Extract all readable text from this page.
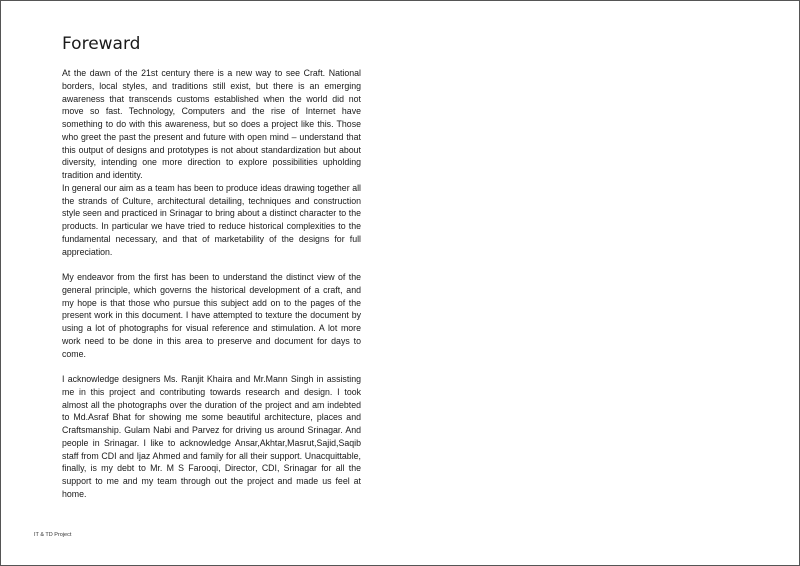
Foreward

At the dawn of the 21st century there is a new way to see Craft. National borders, local styles, and traditions still exist, but there is an emerging awareness that transcends customs established when the world did not move so fast. Technology, Computers and the rise of Internet have something to do with this awareness, but so does a project like this. Those who greet the past the present and future with open mind – understand that this output of designs and prototypes is not about standardization but about diversity, intending one more direction to explore possibilities upholding tradition and identity.

In general our aim as a team has been to produce ideas drawing together all the strands of Culture, architectural detailing, techniques and construction style seen and practiced in Srinagar to bring about a distinct character to the products. In particular we have tried to reduce historical complexities to the fundamental necessary, and that of marketability of the designs for full appreciation.

My endeavor from the first has been to understand the distinct view of the general principle, which governs the historical development of a craft, and my hope is that those who pursue this subject add on to the pages of the present work in this document. I have attempted to texture the document by using a lot of photographs for visual reference and stimulation. A lot more work need to be done in this area to preserve and document for days to come.

I acknowledge designers Ms. Ranjit Khaira and Mr.Mann Singh in assisting me in this project and contributing towards research and design. I took almost all the photographs over the duration of the project and am indebted to Md.Asraf Bhat for showing me some beautiful architecture, places and Craftsmanship. Gulam Nabi and Parvez for driving us around Srinagar. And people in Srinagar. I like to acknowledge Ansar,Akhtar,Masrut,Sajid,Saqib staff from CDI and Ijaz Ahmed and family for all their support. Unacquittable, finally, is my debt to Mr. M S Farooqi, Director, CDI, Srinagar for all the support to me and my team through out the project and made us feel at home.

IT & TD Project
